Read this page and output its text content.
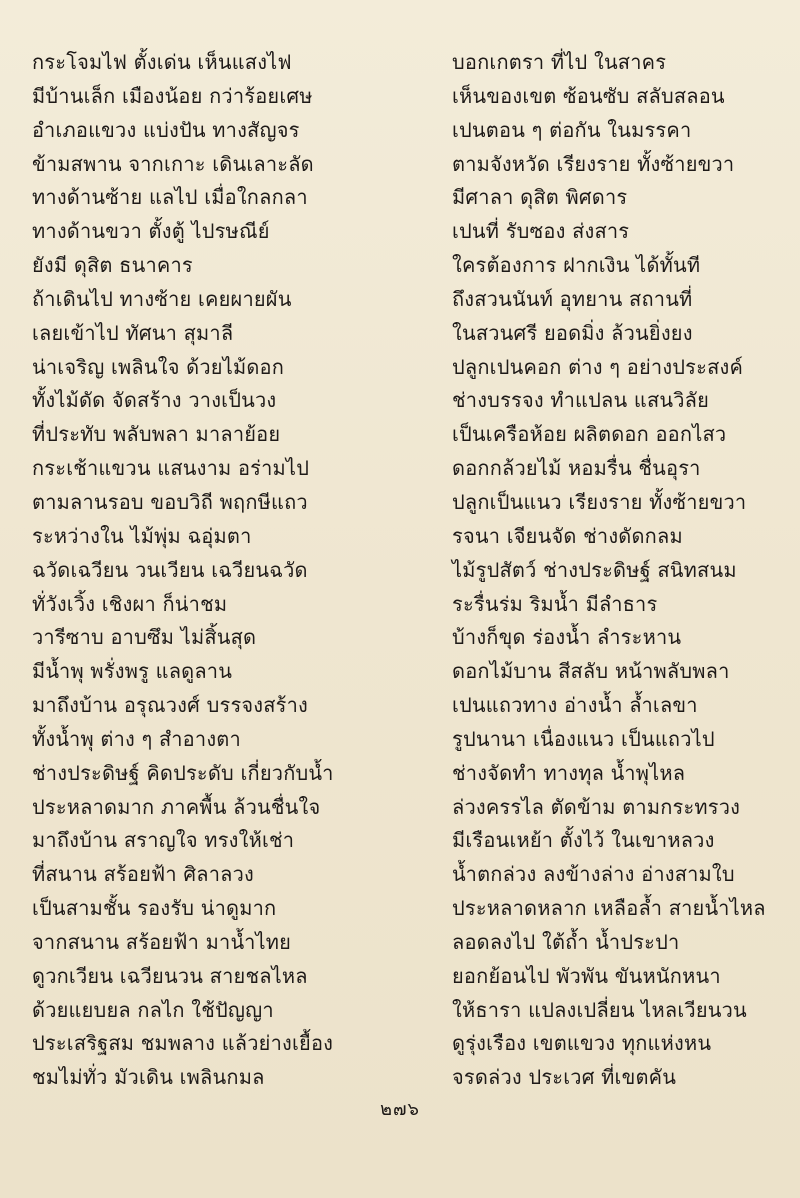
กระโจมไฟ ตั้งเด่น เห็นแสงไฟ
มีบ้านเล็ก เมืองน้อย กว่าร้อยเศษ
อำเภอแขวง แบ่งปัน ทางสัญจร
ข้ามสพาน จากเกาะ เดินเลาะลัด
ทางด้านซ้าย แลไป เมื่อใกลกลา
ทางด้านขวา ตั้งตู้ ไปรษณีย์
ยังมี ดุสิต ธนาคาร
ถ้าเดินไป ทางซ้าย เคยผายผัน
เลยเข้าไป ทัศนา สุมาลี
น่าเจริญ เพลินใจ ด้วยไม้ดอก
ทั้งไม้ดัด จัดสร้าง วางเป็นวง
ที่ประทับ พลับพลา มาลาย้อย
กระเช้าแขวน แสนงาม อร่ามไป
ตามลานรอบ ขอบวิถี พฤกษีแถว
ระหว่างใน ไม้พุ่ม ฉอุ่มตา
ฉวัดเฉวียน วนเวียน เฉวียนฉวัด
ทั่วังเวิ้ง เชิงผา ก็น่าชม
วารีซาบ อาบซึม ไม่สิ้นสุด
มีน้ำพุ พรั่งพรู แลดูลาน
มาถึงบ้าน อรุณวงศ์ บรรจงสร้าง
ทั้งน้ำพุ ต่าง ๆ สำอางตา
ช่างประดิษฐ์ คิดประดับ เกี่ยวกับน้ำ
ประหลาดมาก ภาคพื้น ล้วนชื่นใจ
มาถึงบ้าน สราญใจ ทรงให้เช่า
ที่สนาน สร้อยฟ้า ศิลาลวง
เป็นสามชั้น รองรับ น่าดูมาก
จากสนาน สร้อยฟ้า มาน้ำไทย
ดูวกเวียน เฉวียนวน สายชลไหล
ด้วยแยบยล กลไก ใช้ปัญญา
ประเสริฐสม ชมพลาง แล้วย่างเยื้อง
ชมไม่ทั่ว มัวเดิน เพลินกมล
บอกเกตรา ที่ไป ในสาคร
เห็นของเขต ซ้อนซับ สลับสลอน
เปนตอน ๆ ต่อกัน ในมรรคา
ตามจังหวัด เรียงราย ทั้งซ้ายขวา
มีศาลา ดุสิต พิศดาร
เปนที่ รับซอง ส่งสาร
ใครต้องการ ฝากเงิน ได้ทั้นที
ถึงสวนนันท์ อุทยาน สถานที่
ในสวนศรี ยอดมิ่ง ล้วนยิ่งยง
ปลูกเปนคอก ต่าง ๆ อย่างประสงค์
ช่างบรรจง ทำแปลน แสนวิลัย
เป็นเครือห้อย ผลิตดอก ออกไสว
ดอกกล้วยไม้ หอมรื่น ชื่นอุรา
ปลูกเป็นแนว เรียงราย ทั้งซ้ายขวา
รจนา เจียนจัด ช่างดัดกลม
ไม้รูปสัตว์ ช่างประดิษฐ์ สนิทสนม
ระรื่นร่ม ริมน้ำ มีลำธาร
บ้างก็ขุด ร่องน้ำ ลำระหาน
ดอกไม้บาน สีสลับ หน้าพลับพลา
เปนแถวทาง อ่างน้ำ ล้ำเลขา
รูปนานา เนื่องแนว เป็นแถวไป
ช่างจัดทำ ทางทุล น้ำพุไหล
ล่วงครรไล ตัดข้าม ตามกระทรวง
มีเรือนเหย้า ตั้งไว้ ในเขาหลวง
น้ำตกล่วง ลงข้างล่าง อ่างสามใบ
ประหลาดหลาก เหลือล้ำ สายน้ำไหล
ลอดลงไป ใต้ถ้ำ น้ำประปา
ยอกย้อนไป พัวพัน ขันหนักหนา
ให้ธารา แปลงเปลี่ยน ไหลเวียนวน
ดูรุ่งเรือง เขตแขวง ทุกแห่งหน
จรดล่วง ประเวศ ที่เขตคัน
๒๗๖
